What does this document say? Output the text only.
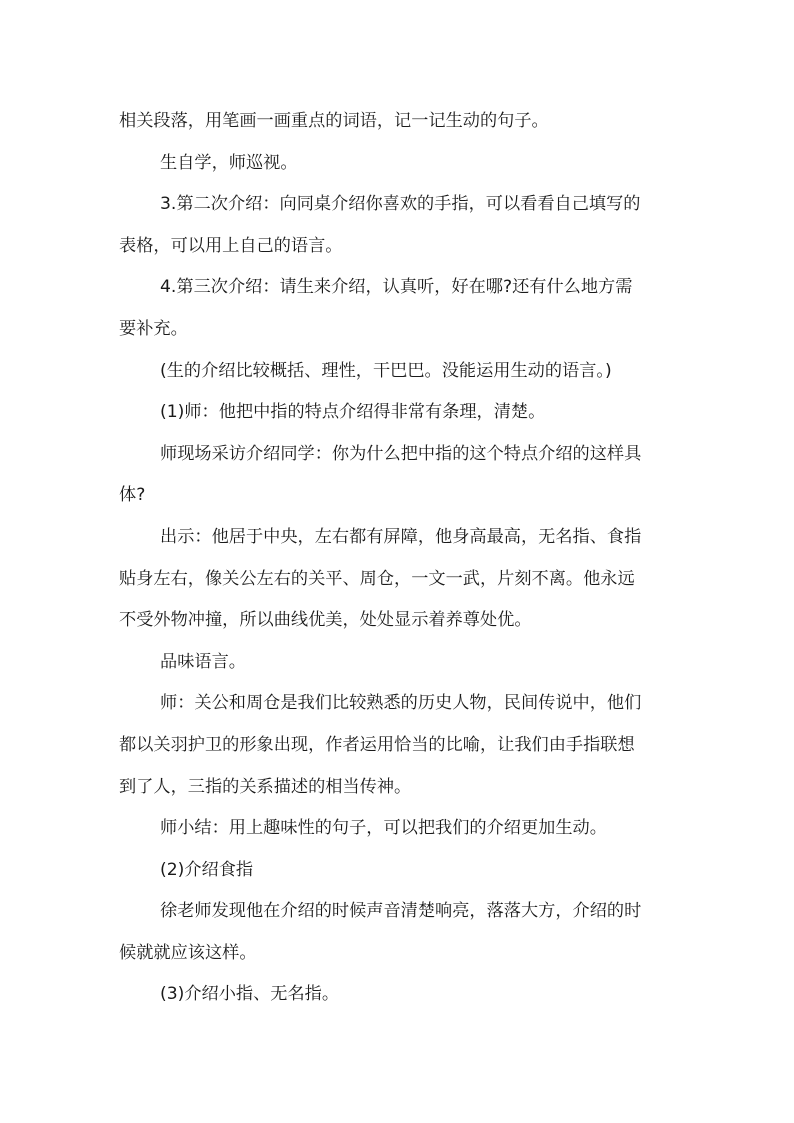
相关段落，用笔画一画重点的词语，记一记生动的句子。

生自学，师巡视。

3.第二次介绍：向同桌介绍你喜欢的手指，可以看看自己填写的

表格，可以用上自己的语言。

4.第三次介绍：请生来介绍，认真听，好在哪?还有什么地方需

要补充。

(生的介绍比较概括、理性，干巴巴。没能运用生动的语言。)

(1)师：他把中指的特点介绍得非常有条理，清楚。

师现场采访介绍同学：你为什么把中指的这个特点介绍的这样具

体?

出示：他居于中央，左右都有屏障，他身高最高，无名指、食指

贴身左右，像关公左右的关平、周仓，一文一武，片刻不离。他永远

不受外物冲撞，所以曲线优美，处处显示着养尊处优。

品味语言。

师：关公和周仓是我们比较熟悉的历史人物，民间传说中，他们

都以关羽护卫的形象出现，作者运用恰当的比喻，让我们由手指联想

到了人，三指的关系描述的相当传神。

师小结：用上趣味性的句子，可以把我们的介绍更加生动。

(2)介绍食指

徐老师发现他在介绍的时候声音清楚响亮，落落大方，介绍的时

候就就应该这样。

(3)介绍小指、无名指。
